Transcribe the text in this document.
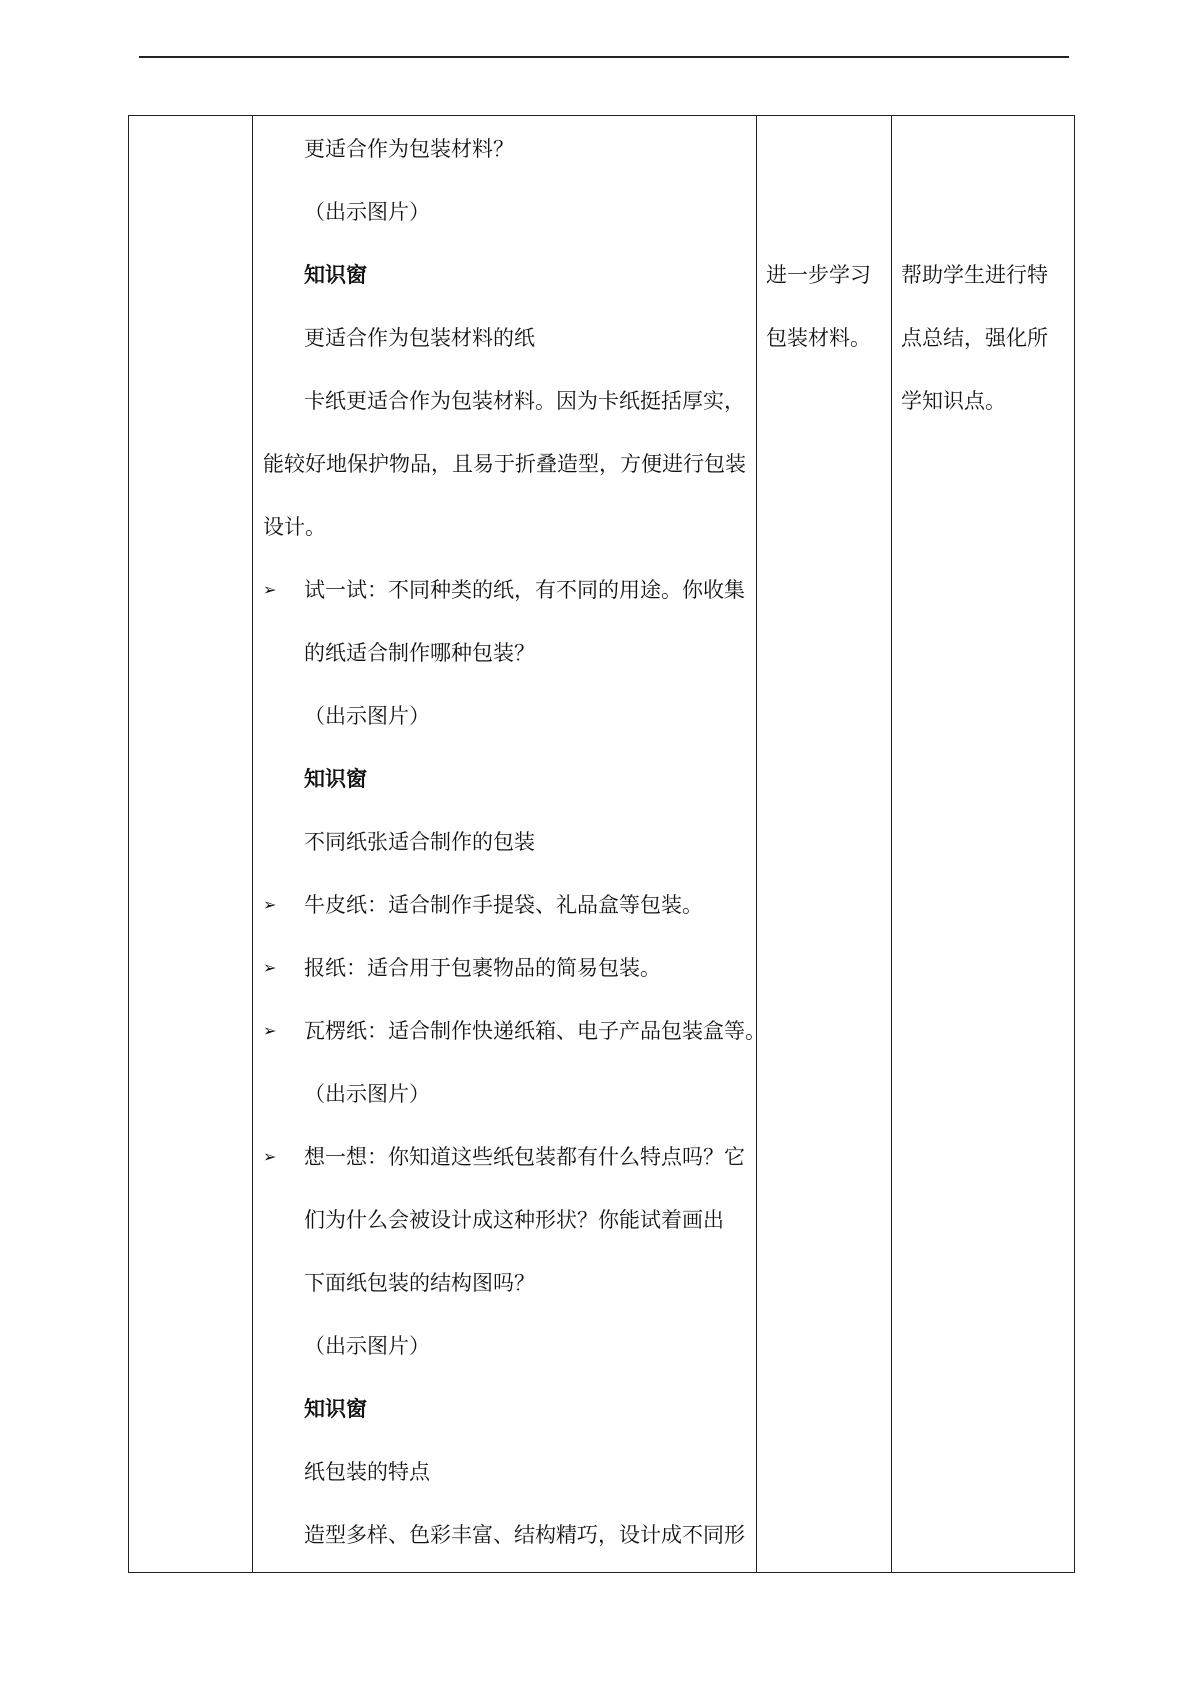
更适合作为包装材料？
（出示图片）
知识窗
更适合作为包装材料的纸
卡纸更适合作为包装材料。因为卡纸挺括厚实，
能较好地保护物品，且易于折叠造型，方便进行包装
设计。
➢ 试一试：不同种类的纸，有不同的用途。你收集
的纸适合制作哪种包装？
（出示图片）
知识窗
不同纸张适合制作的包装
➢ 牛皮纸：适合制作手提袋、礼品盒等包装。
➢ 报纸：适合用于包裹物品的简易包装。
➢ 瓦楞纸：适合制作快递纸箱、电子产品包装盒等。
（出示图片）
➢ 想一想：你知道这些纸包装都有什么特点吗？它
们为什么会被设计成这种形状？你能试着画出
下面纸包装的结构图吗？
（出示图片）
知识窗
纸包装的特点
造型多样、色彩丰富、结构精巧，设计成不同形
进一步学习
包装材料。
帮助学生进行特
点总结，强化所
学知识点。
